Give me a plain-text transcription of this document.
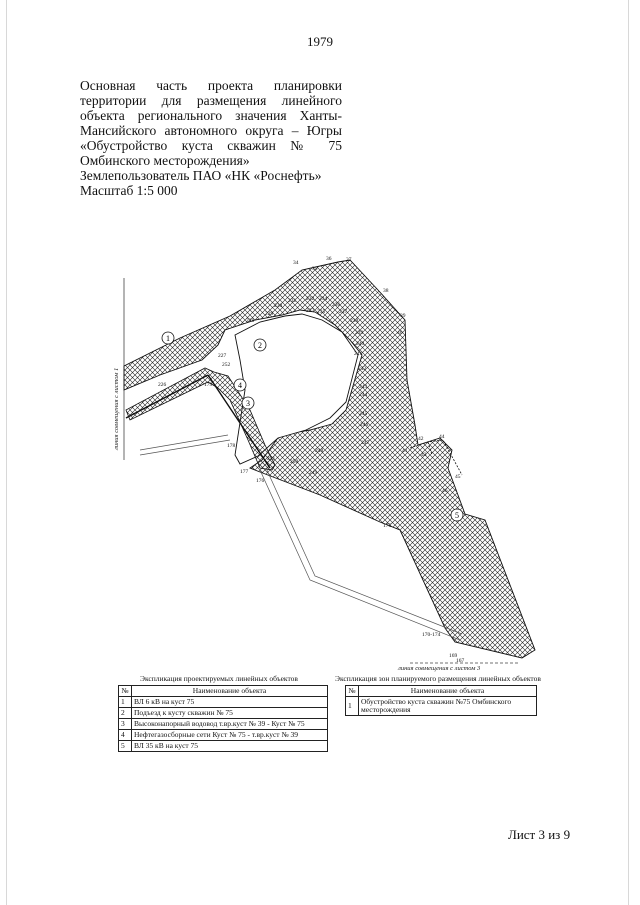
1979
Основная часть проекта планировки
территории для размещения линейного
объекта регионального значения Ханты-
Мансийского автономного округа – Югры
«Обустройство куста скважин № 75
Омбинского месторождения»
Землепользователь ПАО «НК «Роснефть»
Масштаб 1:5 000
линия совмещения с листом 1
линия совмещения с листом 3
1
2
3
4
5
34
35
36	37
38
39
40
41
42
43
44
45
46
167
169
170-174
175
176
177
178
179
226
227
228
229
230
231 232
233
234
235
236
237
238
239
240
241
242
243
244
245
246
247
248
249
250
251
252
Экспликация проектируемых линейных объектов
№	Наименование объекта
1	ВЛ 6 кВ на куст 75
2	Подъезд к кусту скважин № 75
3	Высоконапорный водовод т.вр.куст № 39 - Куст № 75
4	Нефтегазосборные сети Куст № 75 - т.вр.куст № 39
5	ВЛ 35 кВ на куст 75
Экспликация зон планируемого размещения линейных объектов
№	Наименование объекта
1	Обустройство куста скважин №75 Омбинского месторождения
Лист 3 из 9
